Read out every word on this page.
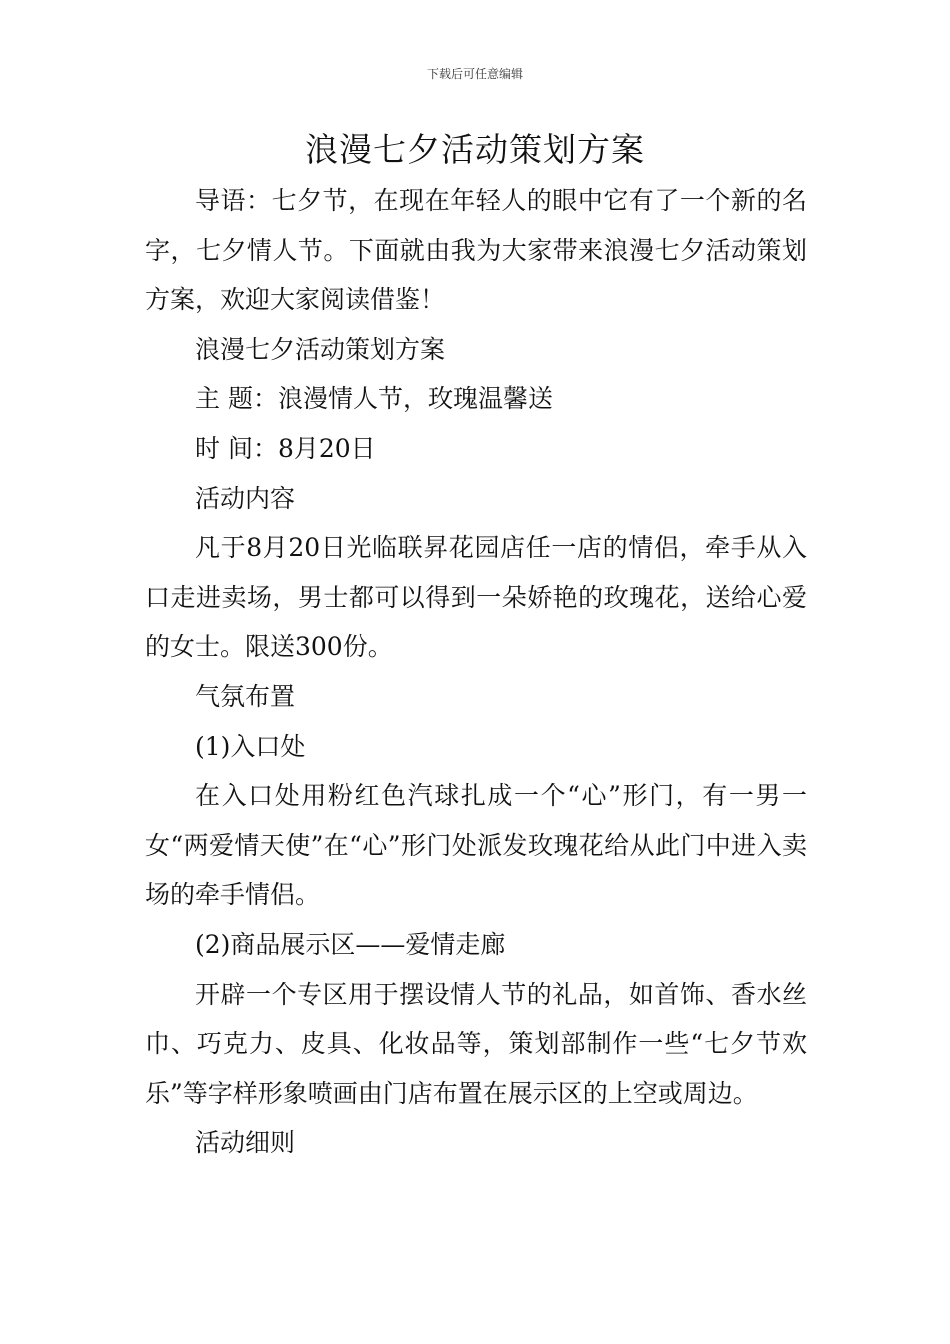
下载后可任意编辑
浪漫七夕活动策划方案

导语：七夕节，在现在年轻人的眼中它有了一个新的名字，七夕情人节。下面就由我为大家带来浪漫七夕活动策划方案，欢迎大家阅读借鉴！

浪漫七夕活动策划方案

主 题：浪漫情人节，玫瑰温馨送

时 间：8月20日

活动内容

凡于8月20日光临联昇花园店任一店的情侣，牵手从入口走进卖场，男士都可以得到一朵娇艳的玫瑰花，送给心爱的女士。限送300份。

气氛布置

(1)入口处

在入口处用粉红色汽球扎成一个“心”形门，有一男一女“两爱情天使”在“心”形门处派发玫瑰花给从此门中进入卖场的牵手情侣。

(2)商品展示区——爱情走廊

开辟一个专区用于摆设情人节的礼品，如首饰、香水丝巾、巧克力、皮具、化妆品等，策划部制作一些“七夕节欢乐”等字样形象喷画由门店布置在展示区的上空或周边。

活动细则
